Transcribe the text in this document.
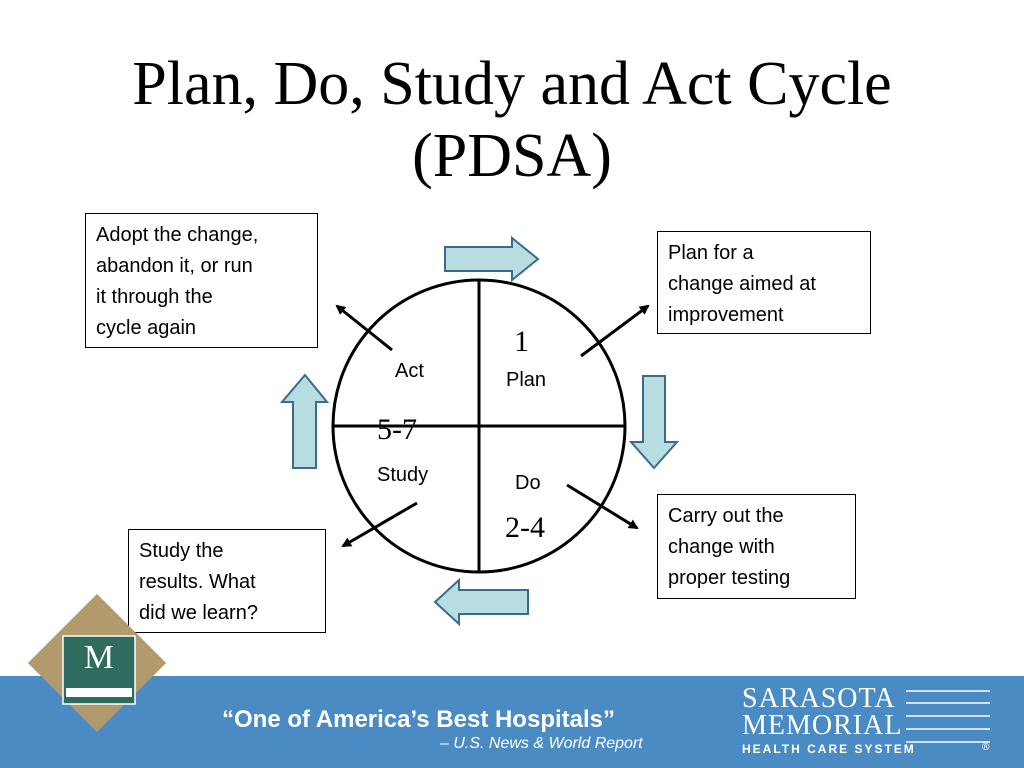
Plan, Do, Study and Act Cycle
(PDSA)
Adopt the change,
abandon it, or run
it through the
cycle again
Plan for a
change aimed at
improvement
Carry out the
change with
proper testing
Study the
results. What
did we learn?
Act	Plan
Study	Do
1
5-7
2-4
M
“One of America’s Best Hospitals”
– U.S. News & World Report
SARASOTA
MEMORIAL
HEALTH CARE SYSTEM	®
